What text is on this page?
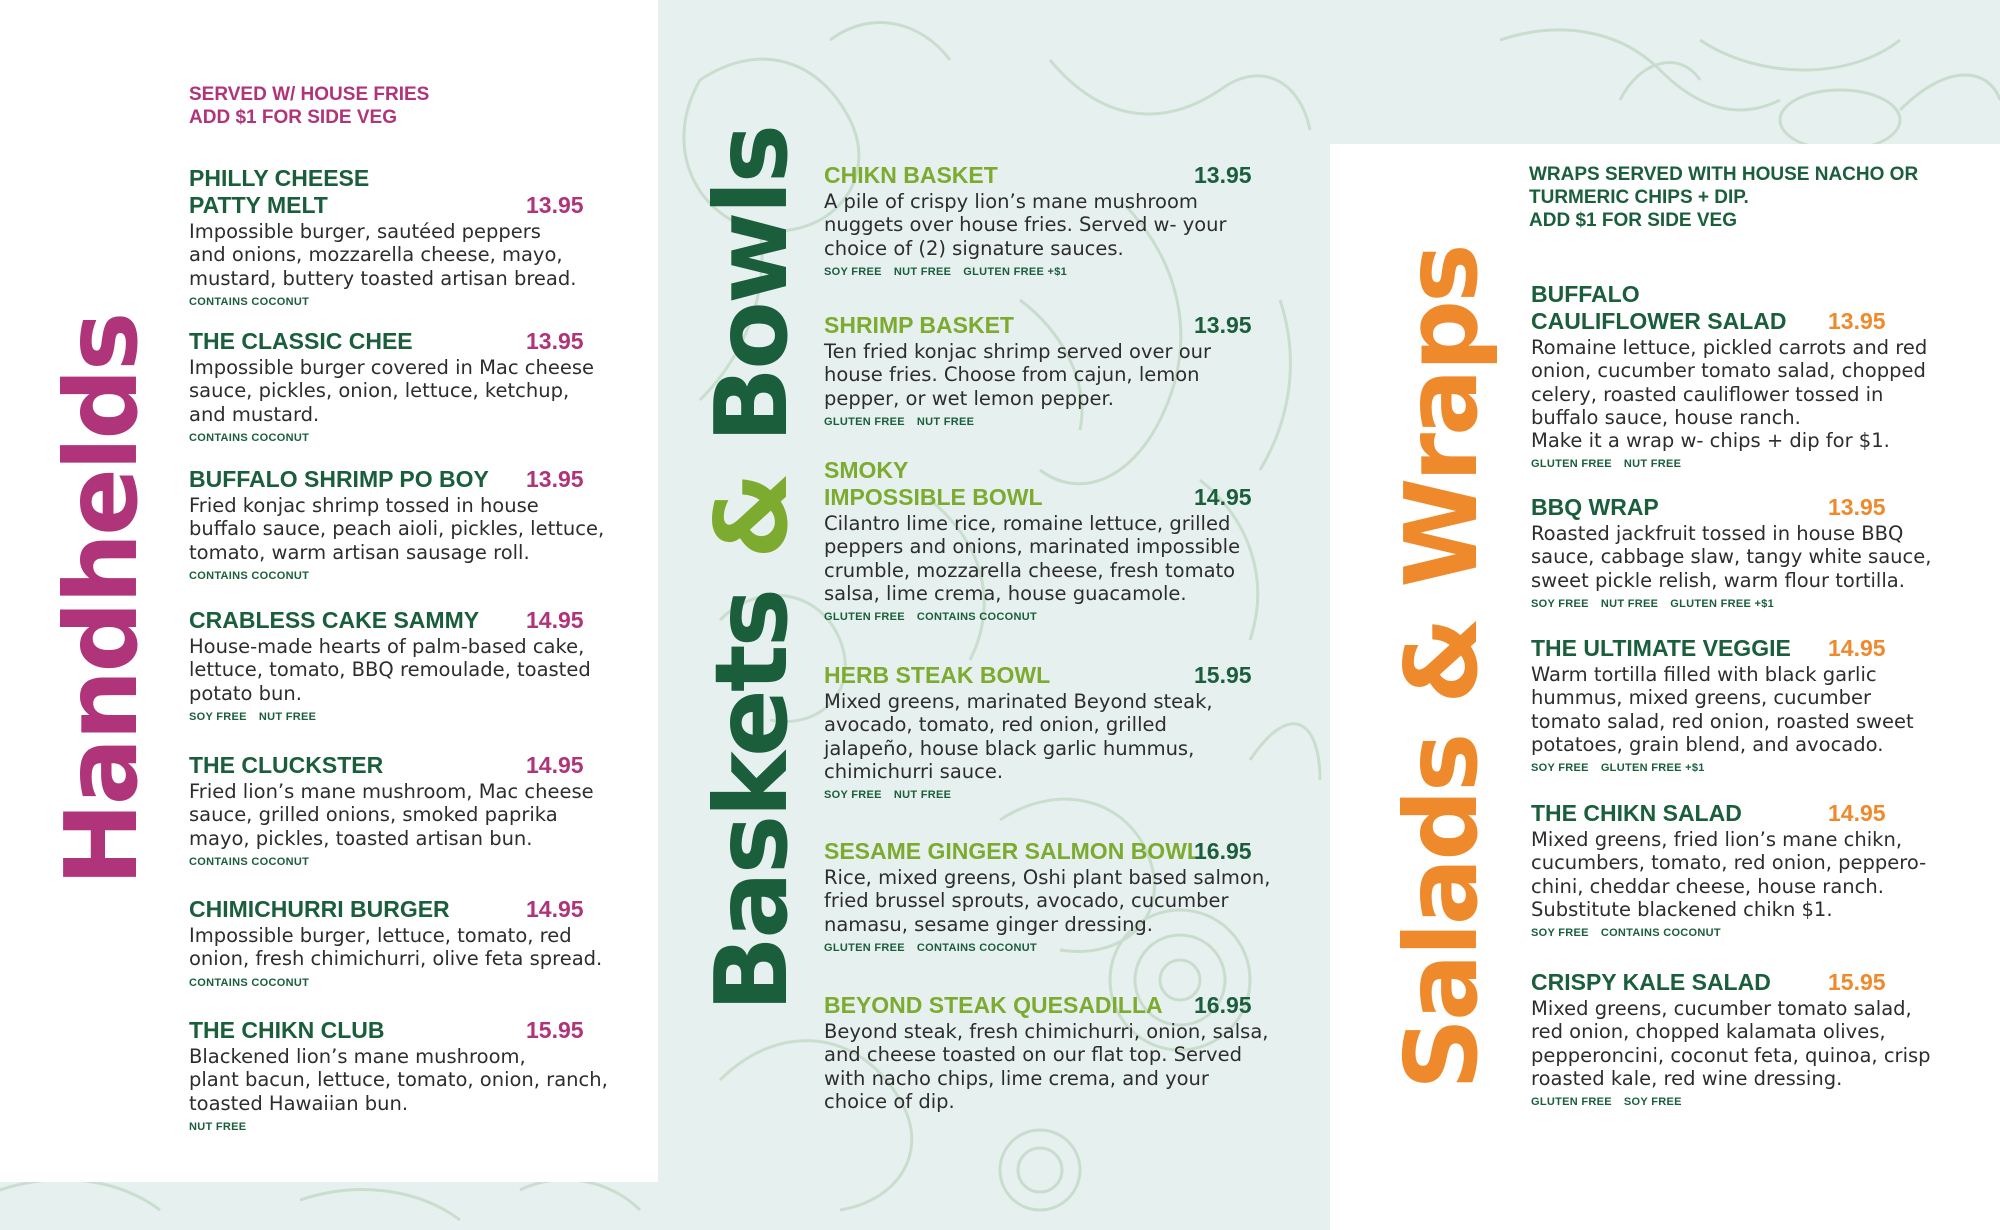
Handhelds	Baskets & Bowls	Salads & Wraps
SERVED W/ HOUSE FRIES
ADD $1 FOR SIDE VEG
WRAPS SERVED WITH HOUSE NACHO OR
TURMERIC CHIPS + DIP.
ADD $1 FOR SIDE VEG
PHILLY CHEESE
PATTY MELT	13.95
Impossible burger, sautéed peppers
and onions, mozzarella cheese, mayo,
mustard, buttery toasted artisan bread.
CONTAINS COCONUT
THE CLASSIC CHEE	13.95
Impossible burger covered in Mac cheese
sauce, pickles, onion, lettuce, ketchup,
and mustard.
CONTAINS COCONUT
BUFFALO SHRIMP PO BOY	13.95
Fried konjac shrimp tossed in house
buffalo sauce, peach aioli, pickles, lettuce,
tomato, warm artisan sausage roll.
CONTAINS COCONUT
CRABLESS CAKE SAMMY	14.95
House-made hearts of palm-based cake,
lettuce, tomato, BBQ remoulade, toasted
potato bun.
SOY FREE NUT FREE
THE CLUCKSTER	14.95
Fried lion’s mane mushroom, Mac cheese
sauce, grilled onions, smoked paprika
mayo, pickles, toasted artisan bun.
CONTAINS COCONUT
CHIMICHURRI BURGER	14.95
Impossible burger, lettuce, tomato, red
onion, fresh chimichurri, olive feta spread.
CONTAINS COCONUT
THE CHIKN CLUB	15.95
Blackened lion’s mane mushroom,
plant bacun, lettuce, tomato, onion, ranch,
toasted Hawaiian bun.
NUT FREE
CHIKN BASKET	13.95
A pile of crispy lion’s mane mushroom
nuggets over house fries. Served w- your
choice of (2) signature sauces.
SOY FREE NUT FREE GLUTEN FREE +$1
SHRIMP BASKET	13.95
Ten fried konjac shrimp served over our
house fries. Choose from cajun, lemon
pepper, or wet lemon pepper.
GLUTEN FREE NUT FREE
SMOKY
IMPOSSIBLE BOWL	14.95
Cilantro lime rice, romaine lettuce, grilled
peppers and onions, marinated impossible
crumble, mozzarella cheese, fresh tomato
salsa, lime crema, house guacamole.
GLUTEN FREE CONTAINS COCONUT
HERB STEAK BOWL	15.95
Mixed greens, marinated Beyond steak,
avocado, tomato, red onion, grilled
jalapeño, house black garlic hummus,
chimichurri sauce.
SOY FREE NUT FREE
SESAME GINGER SALMON BOWL
16.95
Rice, mixed greens, Oshi plant based salmon,
fried brussel sprouts, avocado, cucumber
namasu, sesame ginger dressing.
GLUTEN FREE CONTAINS COCONUT
BEYOND STEAK QUESADILLA	16.95
Beyond steak, fresh chimichurri, onion, salsa,
and cheese toasted on our flat top. Served
with nacho chips, lime crema, and your
choice of dip.
BUFFALO
CAULIFLOWER SALAD	13.95
Romaine lettuce, pickled carrots and red
onion, cucumber tomato salad, chopped
celery, roasted cauliflower tossed in
buffalo sauce, house ranch.
Make it a wrap w- chips + dip for $1.
GLUTEN FREE NUT FREE
BBQ WRAP	13.95
Roasted jackfruit tossed in house BBQ
sauce, cabbage slaw, tangy white sauce,
sweet pickle relish, warm flour tortilla.
SOY FREE NUT FREE GLUTEN FREE +$1
THE ULTIMATE VEGGIE	14.95
Warm tortilla filled with black garlic
hummus, mixed greens, cucumber
tomato salad, red onion, roasted sweet
potatoes, grain blend, and avocado.
SOY FREE GLUTEN FREE +$1
THE CHIKN SALAD	14.95
Mixed greens, fried lion’s mane chikn,
cucumbers, tomato, red onion, peppero-
chini, cheddar cheese, house ranch.
Substitute blackened chikn $1.
SOY FREE CONTAINS COCONUT
CRISPY KALE SALAD	15.95
Mixed greens, cucumber tomato salad,
red onion, chopped kalamata olives,
pepperoncini, coconut feta, quinoa, crisp
roasted kale, red wine dressing.
GLUTEN FREE SOY FREE
